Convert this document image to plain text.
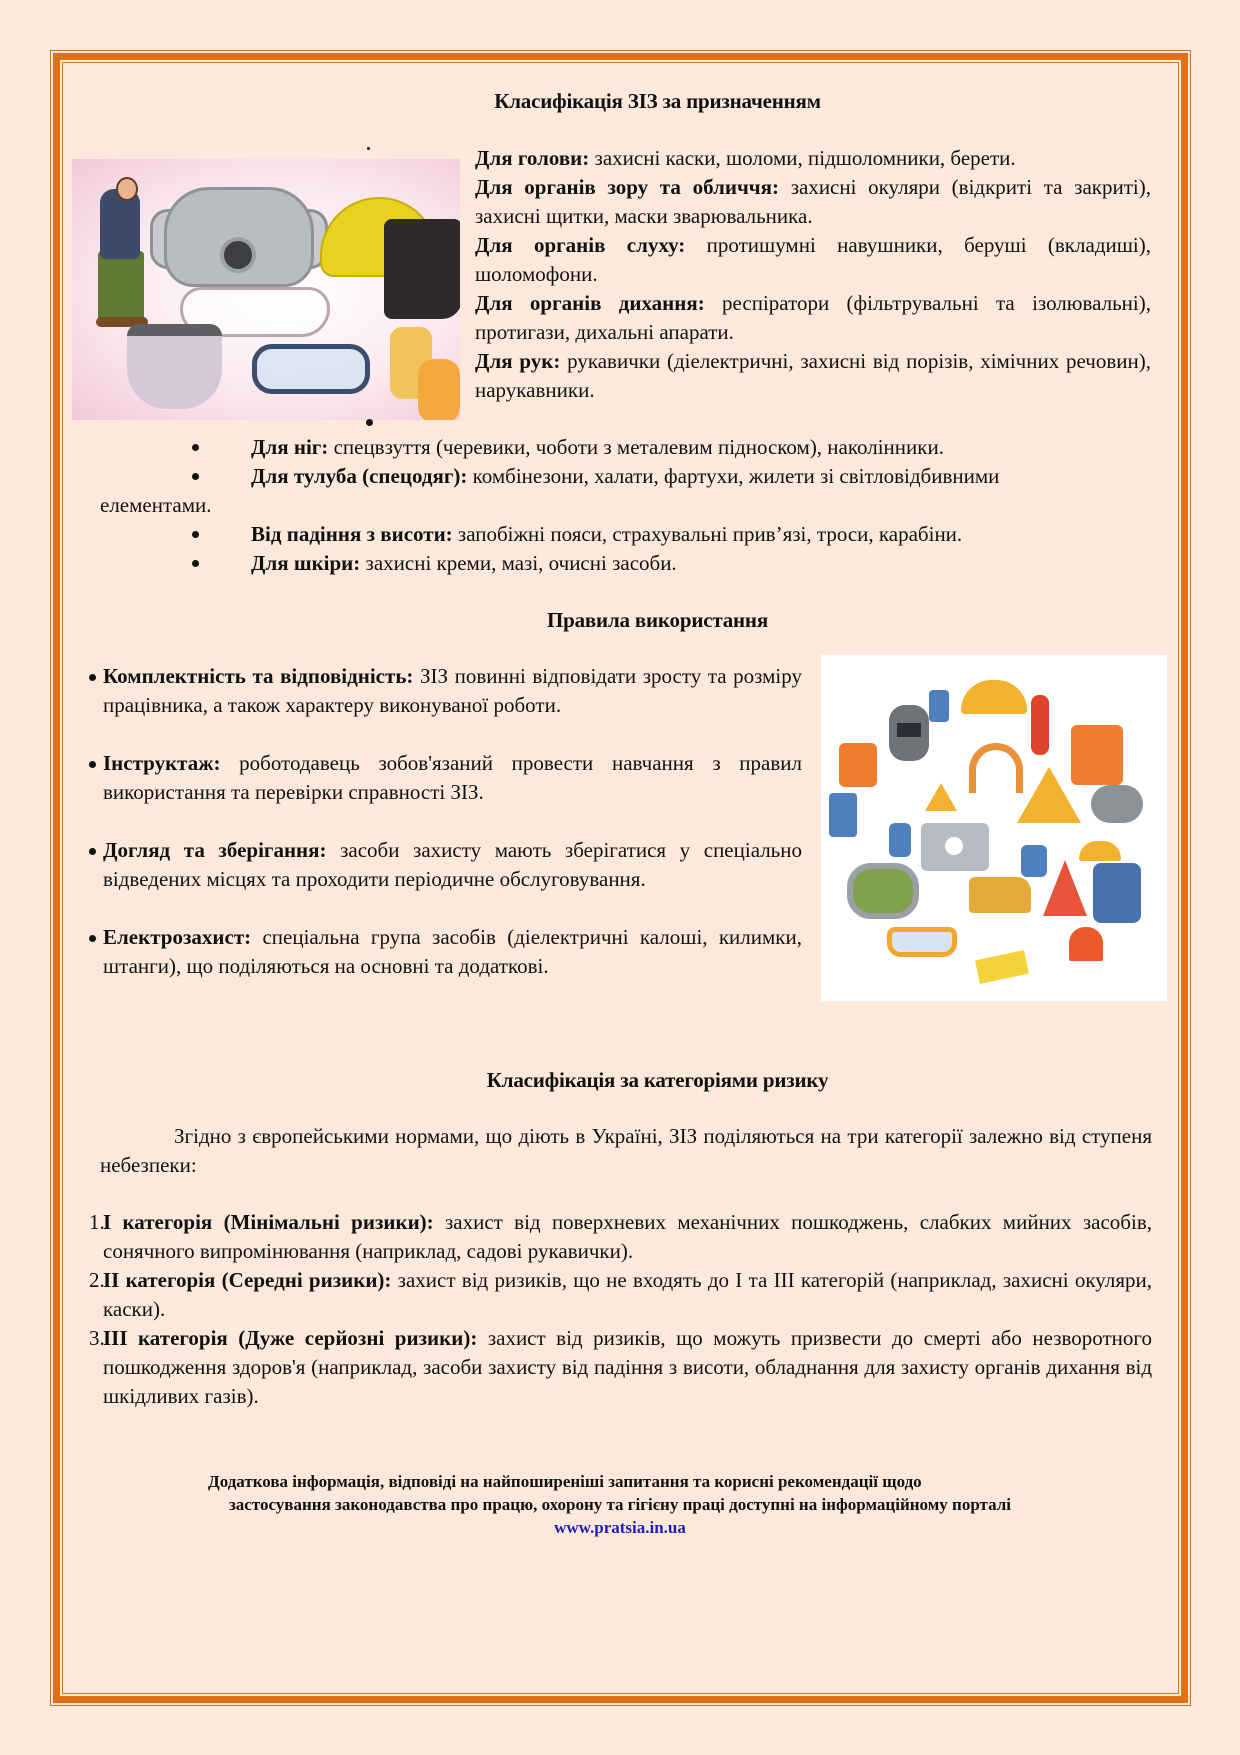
Класифікація ЗІЗ за призначенням

Для голови: захисні каски, шоломи, підшоломники, берети.

Для органів зору та обличчя: захисні окуляри (відкриті та закриті), захисні щитки, маски зварювальника.

Для органів слуху: протишумні навушники, беруші (вкладиші), шоломофони.

Для органів дихання: респіратори (фільтрувальні та ізолювальні), протигази, дихальні апарати.

Для рук: рукавички (діелектричні, захисні від порізів, хімічних речовин), нарукавники.

Для ніг: спецвзуття (черевики, чоботи з металевим підноском), наколінники.
Для тулуба (спецодяг): комбінезони, халати, фартухи, жилети зі світловідбивними
елементами.
Від падіння з висоти: запобіжні пояси, страхувальні прив’язі, троси, карабіни.
Для шкіри: захисні креми, мазі, очисні засоби.
Правила використання
Комплектність та відповідність: ЗІЗ повинні відповідати зросту та розміру працівника, а також характеру виконуваної роботи.
Інструктаж: роботодавець зобов'язаний провести навчання з правил використання та перевірки справності ЗІЗ.
Догляд та зберігання: засоби захисту мають зберігатися у спеціально відведених місцях та проходити періодичне обслуговування.
Електрозахист: спеціальна група засобів (діелектричні калоші, килимки, штанги), що поділяються на основні та додаткові.
Класифікація за категоріями ризику
Згідно з європейськими нормами, що діють в Україні, ЗІЗ поділяються на три категорії залежно від ступеня небезпеки:
1.
І категорія (Мінімальні ризики): захист від поверхневих механічних пошкоджень, слабких мийних засобів, сонячного випромінювання (наприклад, садові рукавички).
2.
ІІ категорія (Середні ризики): захист від ризиків, що не входять до І та ІІІ категорій (наприклад, захисні окуляри, каски).
3.
ІІІ категорія (Дуже серйозні ризики): захист від ризиків, що можуть призвести до смерті або незворотного пошкодження здоров'я (наприклад, засоби захисту від падіння з висоти, обладнання для захисту органів дихання від шкідливих газів).
Додаткова інформація, відповіді на найпоширеніші запитання та корисні рекомендації щодо
застосування законодавства про працю, охорону та гігієну праці доступні на інформаційному порталі
www.pratsia.in.ua
